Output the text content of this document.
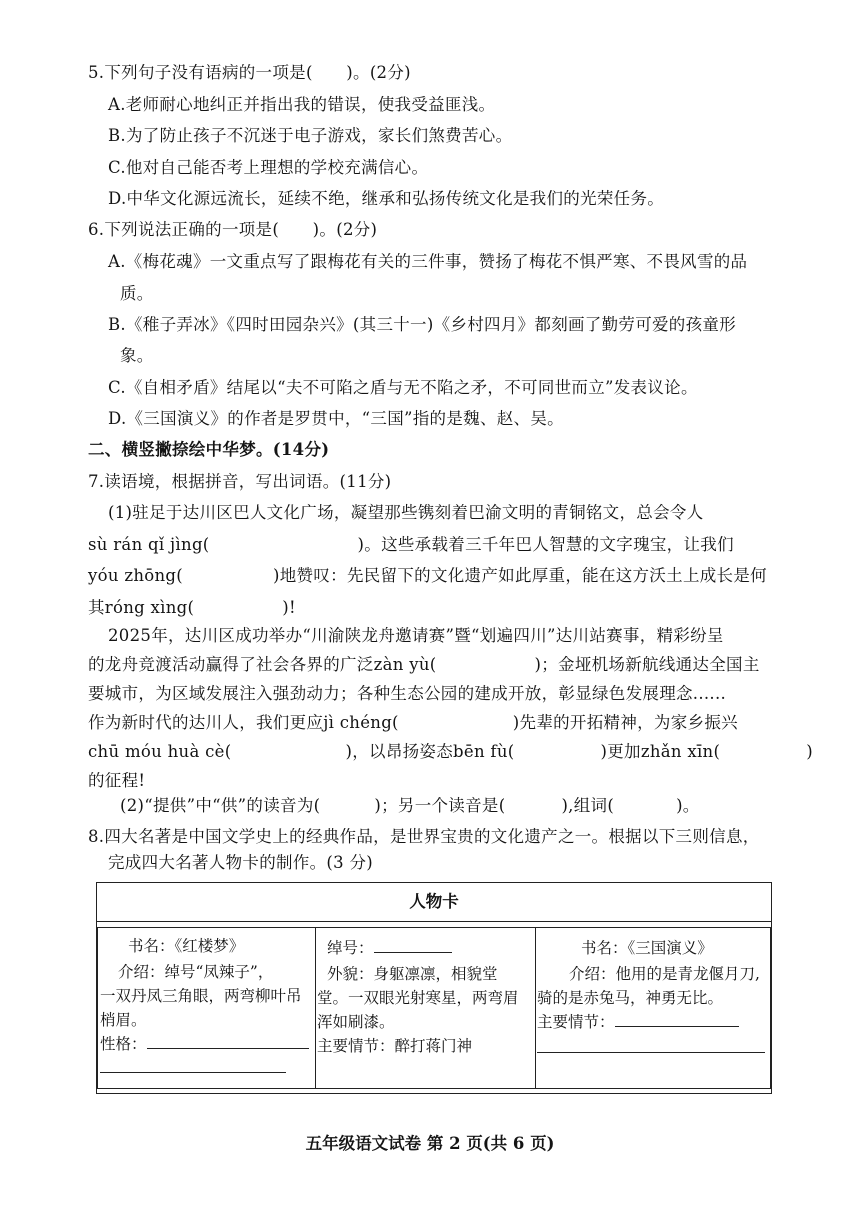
5.下列句子没有语病的一项是(　　)。(2分)
A.老师耐心地纠正并指出我的错误，使我受益匪浅。
B.为了防止孩子不沉迷于电子游戏，家长们煞费苦心。
C.他对自己能否考上理想的学校充满信心。
D.中华文化源远流长，延续不绝，继承和弘扬传统文化是我们的光荣任务。
6.下列说法正确的一项是(　　)。(2分)
A.《梅花魂》一文重点写了跟梅花有关的三件事，赞扬了梅花不惧严寒、不畏风雪的品
质。
B.《稚子弄冰》《四时田园杂兴》(其三十一)《乡村四月》都刻画了勤劳可爱的孩童形
象。
C.《自相矛盾》结尾以“夫不可陷之盾与无不陷之矛，不可同世而立”发表议论。
D.《三国演义》的作者是罗贯中，“三国”指的是魏、赵、吴。
二、横竖撇捺绘中华梦。(14分)
7.读语境，根据拼音，写出词语。(11分)
(1)驻足于达川区巴人文化广场，凝望那些镌刻着巴渝文明的青铜铭文，总会令人
sù rán qǐ jìng(	)。这些承载着三千年巴人智慧的文字瑰宝，让我们
yóu zhōng(	)地赞叹：先民留下的文化遗产如此厚重，能在这方沃土上成长是何
其róng xìng(	)!
2025年，达川区成功举办“川渝陕龙舟邀请赛”暨“划遍四川”达川站赛事，精彩纷呈
的龙舟竞渡活动赢得了社会各界的广泛zàn yù(	)；金垭机场新航线通达全国主
要城市，为区域发展注入强劲动力；各种生态公园的建成开放，彰显绿色发展理念......
作为新时代的达川人，我们更应jì chéng(	)先辈的开拓精神，为家乡振兴
chū móu huà cè(	)，以昂扬姿态bēn fù(	)更加zhǎn xīn(	)
的征程!
(2)“提供”中“供”的读音为(	)；另一个读音是(	),组词(	)。
8.四大名著是中国文学史上的经典作品，是世界宝贵的文化遗产之一。根据以下三则信息，
人物卡
书名：《红楼梦》
介绍：绰号“凤辣子”，
一双丹凤三角眼，两弯柳叶吊
梢眉。
性格：
绰号：
外貌：身躯凛凛，相貌堂
堂。一双眼光射寒星，两弯眉
浑如刷漆。
主要情节：醉打蒋门神
书名：《三国演义》
介绍：他用的是青龙偃月刀,
骑的是赤兔马，神勇无比。
主要情节：
五年级语文试卷 第 2 页(共 6 页)
完成四大名著人物卡的制作。(3 分)
